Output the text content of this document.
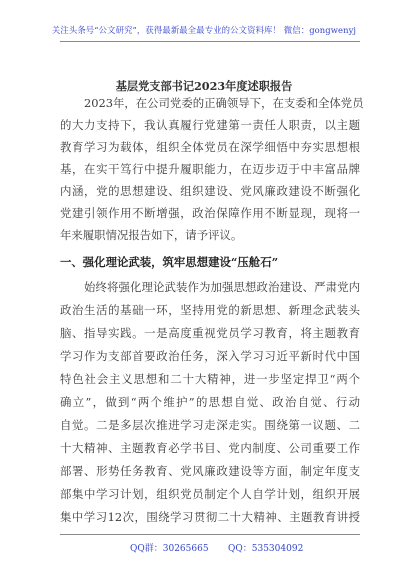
关注头条号“公文研究”，获得最新最全最专业的公文资料库！ 微信：gongwenyj
基层党支部书记2023年度述职报告
2023年，在公司党委的正确领导下，在支委和全体党员
的大力支持下，我认真履行党建第一责任人职责，以主题
教育学习为载体，组织全体党员在深学细悟中夯实思想根
基，在实干笃行中提升履职能力，在迈步迈于中丰富品牌
内涵，党的思想建设、组织建设、党风廉政建设不断强化
党建引领作用不断增强，政治保障作用不断显现，现将一
年来履职情况报告如下，请予评议。
一、强化理论武装，筑牢思想建设“压舱石”
始终将强化理论武装作为加强思想政治建设、严肃党内
政治生活的基础一环，坚持用党的新思想、新理念武装头
脑、指导实践。一是高度重视党员学习教育，将主题教育
学习作为支部首要政治任务，深入学习习近平新时代中国
特色社会主义思想和二十大精神，进一步坚定捍卫“两个
确立”，做到“两个维护”的思想自觉、政治自觉、行动
自觉。二是多层次推进学习走深走实。围绕第一议题、二
十大精神、主题教育必学书目、党内制度、公司重要工作
部署、形势任务教育、党风廉政建设等方面，制定年度支
部集中学习计划，组织党员制定个人自学计划，组织开展
集中学习12次，围绕学习贯彻二十大精神、主题教育讲授
QQ群：30265665 QQ：535304092
